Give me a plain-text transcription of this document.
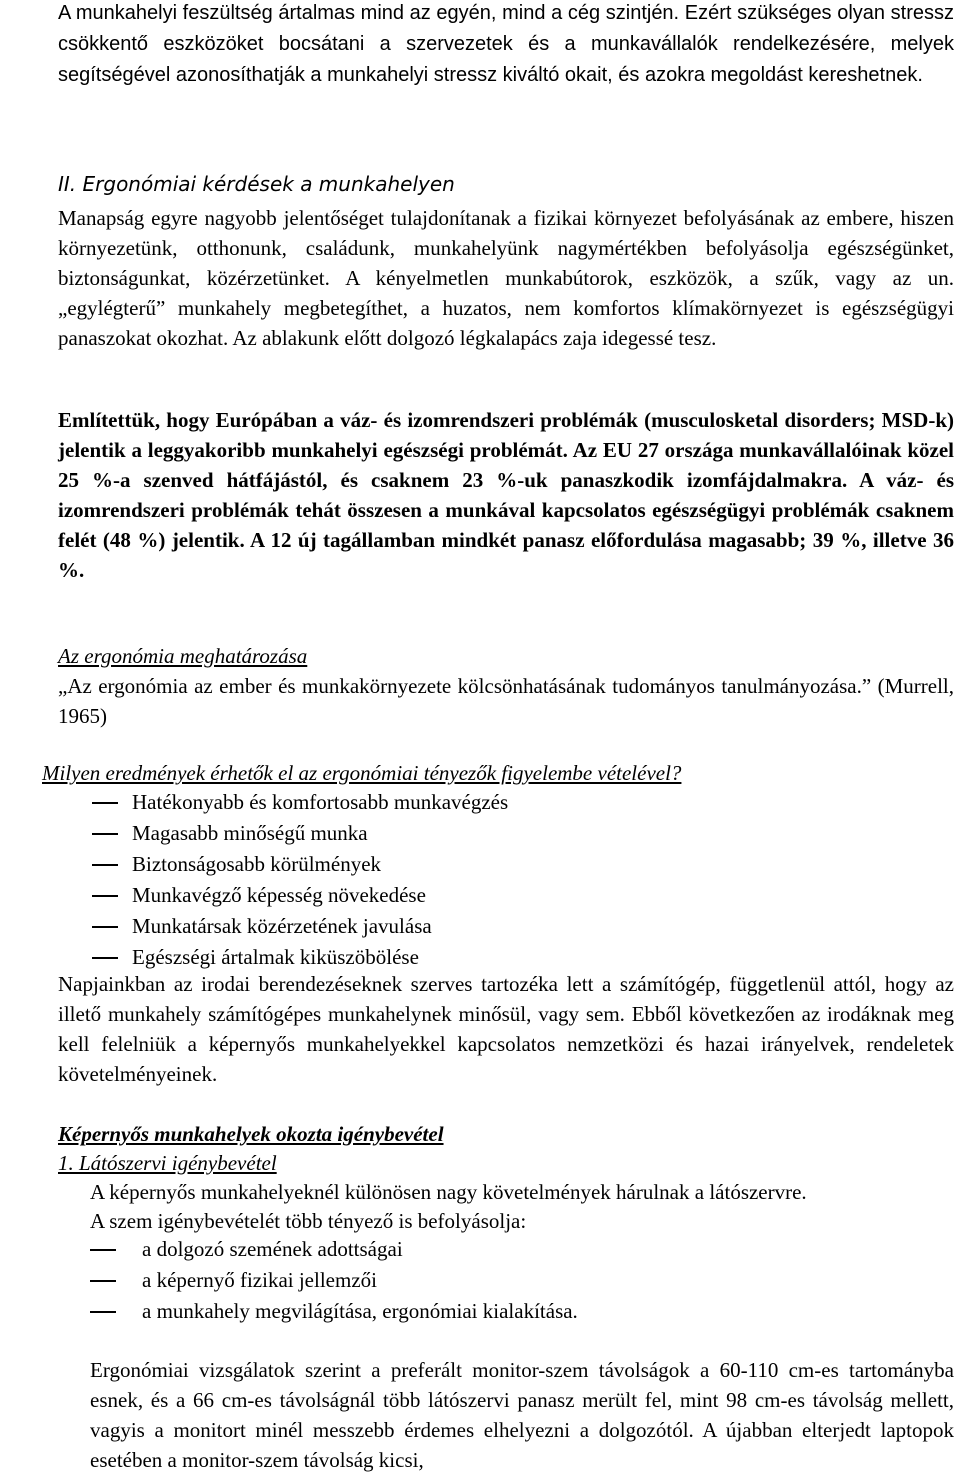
A munkahelyi feszültség ártalmas mind az egyén, mind a cég szintjén. Ezért szükséges olyan stressz csökkentő eszközöket bocsátani a szervezetek és a munkavállalók rendelkezésére, melyek segítségével azonosíthatják a munkahelyi stressz kiváltó okait, és azokra megoldást kereshetnek.

II. Ergonómiai kérdések a munkahelyen

Manapság egyre nagyobb jelentőséget tulajdonítanak a fizikai környezet befolyásának az embere, hiszen környezetünk, otthonunk, családunk, munkahelyünk nagymértékben befolyásolja egészségünket, biztonságunkat, közérzetünket. A kényelmetlen munkabútorok, eszközök, a szűk, vagy az un. „egylégterű” munkahely megbetegíthet, a huzatos, nem komfortos klímakörnyezet is egészségügyi panaszokat okozhat. Az ablakunk előtt dolgozó légkalapács zaja idegessé tesz.

Említettük, hogy Európában a váz- és izomrendszeri problémák (musculosketal disorders; MSD-k) jelentik a leggyakoribb munkahelyi egészségi problémát. Az EU 27 országa munkavállalóinak közel 25 %-a szenved hátfájástól, és csaknem 23 %-uk panaszkodik izomfájdalmakra. A váz- és izomrendszeri problémák tehát összesen a munkával kapcsolatos egészségügyi problémák csaknem felét (48 %) jelentik. A 12 új tagállamban mindkét panasz előfordulása magasabb; 39 %, illetve 36 %.

Az ergonómia meghatározása

„Az ergonómia az ember és munkakörnyezete kölcsönhatásának tudományos tanulmányozása.” (Murrell, 1965)

Milyen eredmények érhetők el az ergonómiai tényezők figyelembe vételével?
Hatékonyabb és komfortosabb munkavégzés
Magasabb minőségű munka
Biztonságosabb körülmények
Munkavégző képesség növekedése
Munkatársak közérzetének javulása
Egészségi ártalmak kiküszöbölése

Napjainkban az irodai berendezéseknek szerves tartozéka lett a számítógép, függetlenül attól, hogy az illető munkahely számítógépes munkahelynek minősül, vagy sem. Ebből következően az irodáknak meg kell felelniük a képernyős munkahelyekkel kapcsolatos nemzetközi és hazai irányelvek, rendeletek követelményeinek.

Képernyős munkahelyek okozta igénybevétel
1. Látószervi igénybevétel
A képernyős munkahelyeknél különösen nagy követelmények hárulnak a látószervre.
A szem igénybevételét több tényező is befolyásolja:
a dolgozó szemének adottságai
a képernyő fizikai jellemzői
a munkahely megvilágítása, ergonómiai kialakítása.

Ergonómiai vizsgálatok szerint a preferált monitor-szem távolságok a 60-110 cm-es tartományba esnek, és a 66 cm-es távolságnál több látószervi panasz merült fel, mint 98 cm-es távolság mellett, vagyis a monitort minél messzebb érdemes elhelyezni a dolgozótól. A újabban elterjedt laptopok esetében a monitor-szem távolság kicsi,
